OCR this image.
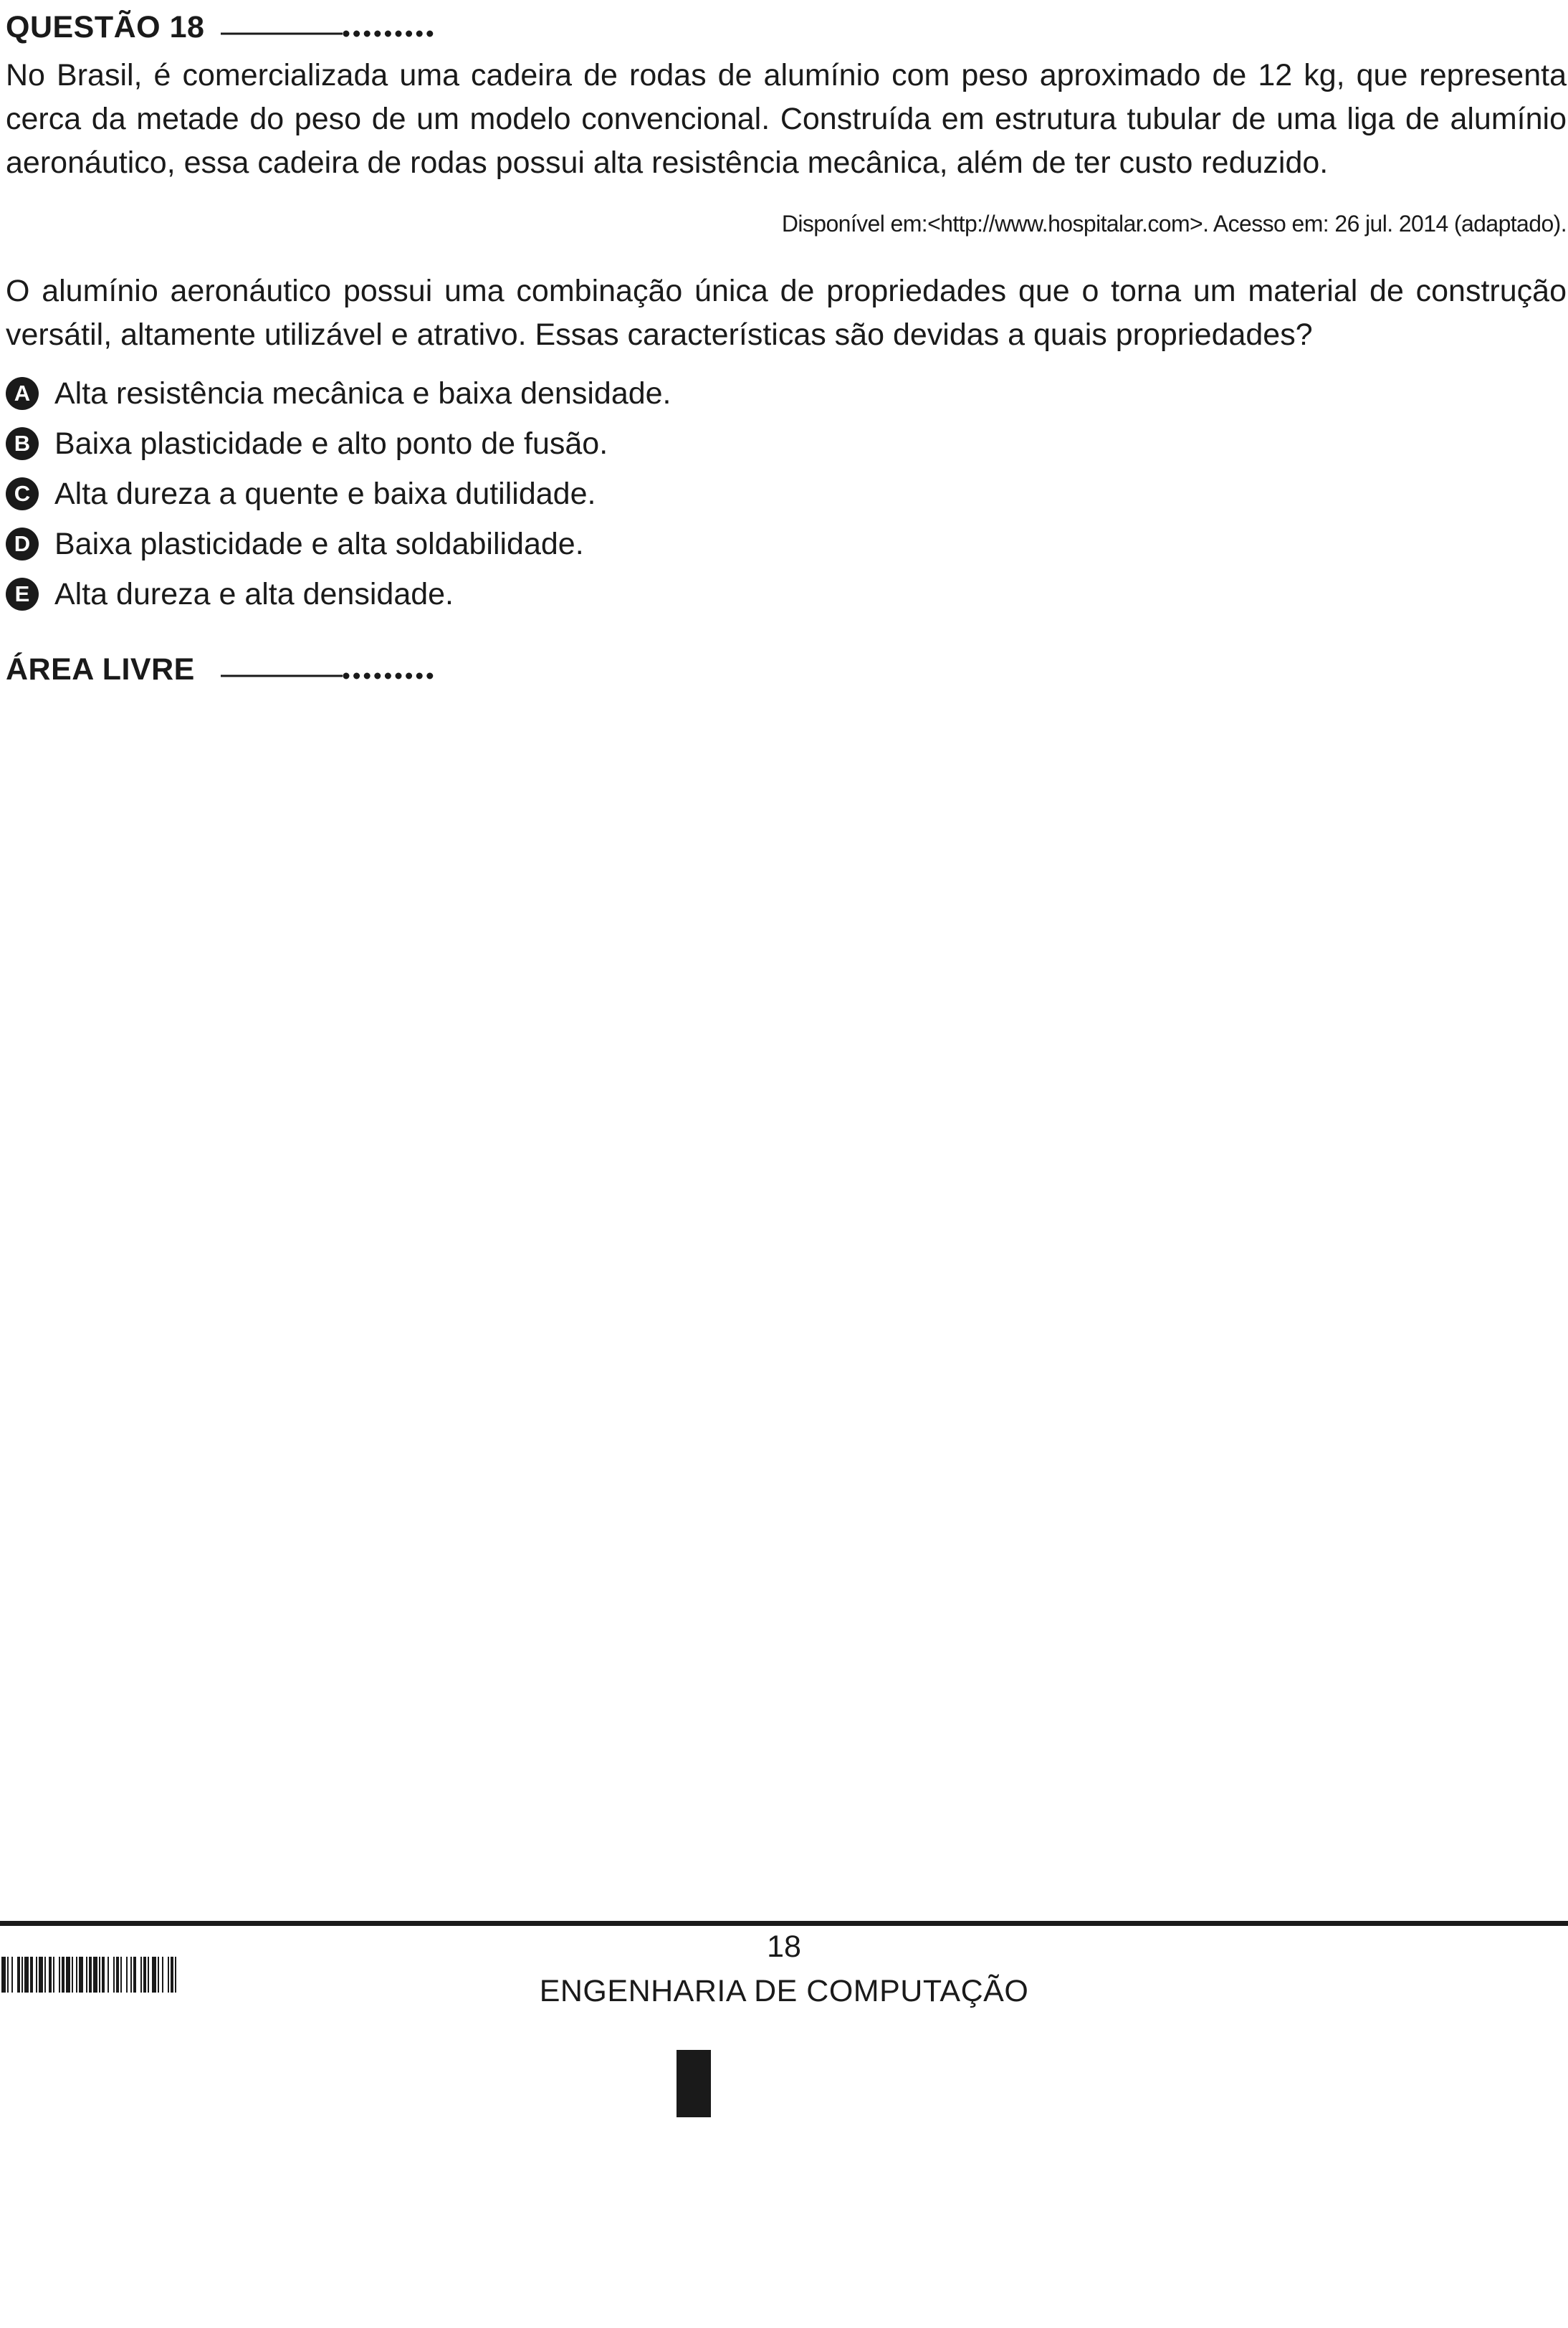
QUESTÃO 18

No Brasil, é comercializada uma cadeira de rodas de alumínio com peso aproximado de 12 kg, que representa cerca da metade do peso de um modelo convencional. Construída em estrutura tubular de uma liga de alumínio aeronáutico, essa cadeira de rodas possui alta resistência mecânica, além de ter custo reduzido.

Disponível em:<http://www.hospitalar.com>. Acesso em: 26 jul. 2014 (adaptado).

O alumínio aeronáutico possui uma combinação única de propriedades que o torna um material de construção versátil, altamente utilizável e atrativo. Essas características são devidas a quais propriedades?

A Alta resistência mecânica e baixa densidade.
B Baixa plasticidade e alto ponto de fusão.
C Alta dureza a quente e baixa dutilidade.
D Baixa plasticidade e alta soldabilidade.
E Alta dureza e alta densidade.
ÁREA LIVRE
18
ENGENHARIA DE COMPUTAÇÃO
